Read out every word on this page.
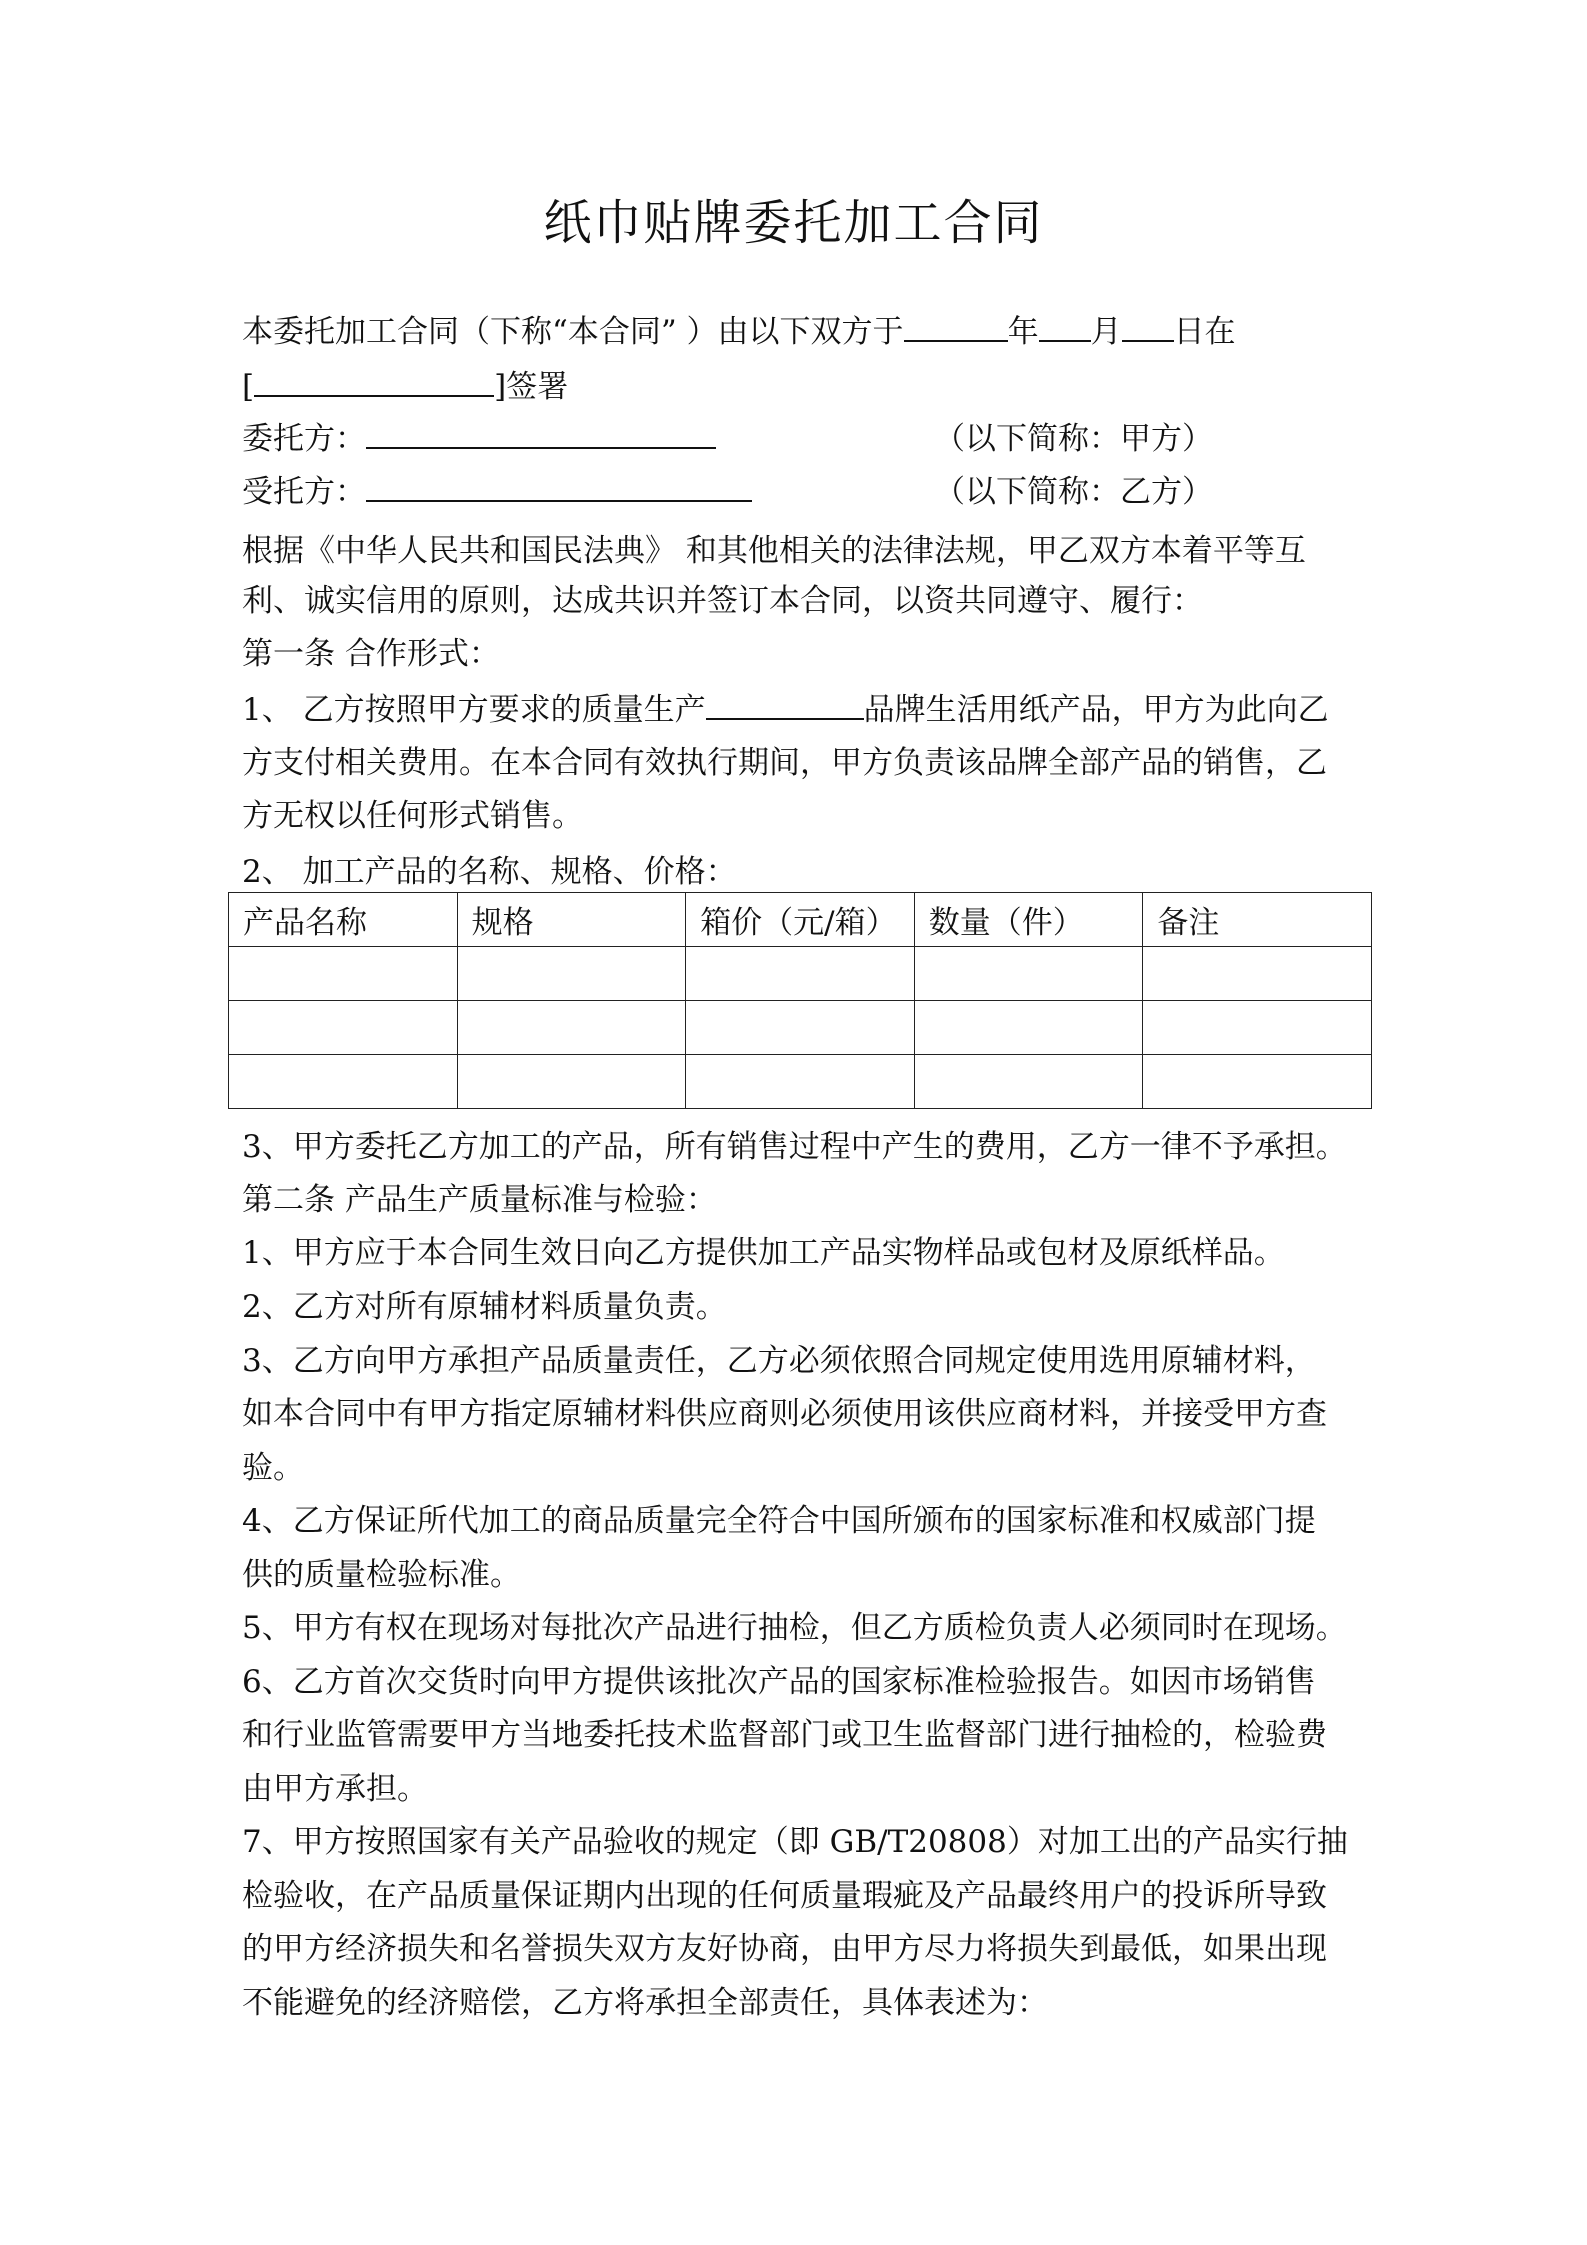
纸巾贴牌委托加工合同
本委托加工合同（下称“本合同” ）由以下双方于	年 月 日在
[	]签署
委托方：	（以下简称：甲方）
受托方：	（以下简称：乙方）
根据《中华人民共和国民法典》 和其他相关的法律法规，甲乙双方本着平等互
利、诚实信用的原则，达成共识并签订本合同，以资共同遵守、履行：
第一条 合作形式：
1、 乙方按照甲方要求的质量生产	品牌生活用纸产品，甲方为此向乙
方支付相关费用。在本合同有效执行期间，甲方负责该品牌全部产品的销售，乙
方无权以任何形式销售。
2、 加工产品的名称、规格、价格：
产品名称	规格	箱价（元/箱）	数量（件）	备注

3、甲方委托乙方加工的产品，所有销售过程中产生的费用，乙方一律不予承担。
第二条 产品生产质量标准与检验：
1、甲方应于本合同生效日向乙方提供加工产品实物样品或包材及原纸样品。
2、乙方对所有原辅材料质量负责。
3、乙方向甲方承担产品质量责任，乙方必须依照合同规定使用选用原辅材料，
如本合同中有甲方指定原辅材料供应商则必须使用该供应商材料，并接受甲方查
验。
4、乙方保证所代加工的商品质量完全符合中国所颁布的国家标准和权威部门提
供的质量检验标准。
5、甲方有权在现场对每批次产品进行抽检，但乙方质检负责人必须同时在现场。
6、乙方首次交货时向甲方提供该批次产品的国家标准检验报告。如因市场销售
和行业监管需要甲方当地委托技术监督部门或卫生监督部门进行抽检的，检验费
由甲方承担。
7、甲方按照国家有关产品验收的规定（即 GB/T20808）对加工出的产品实行抽
检验收，在产品质量保证期内出现的任何质量瑕疵及产品最终用户的投诉所导致
的甲方经济损失和名誉损失双方友好协商，由甲方尽力将损失到最低，如果出现
不能避免的经济赔偿，乙方将承担全部责任，具体表述为：
